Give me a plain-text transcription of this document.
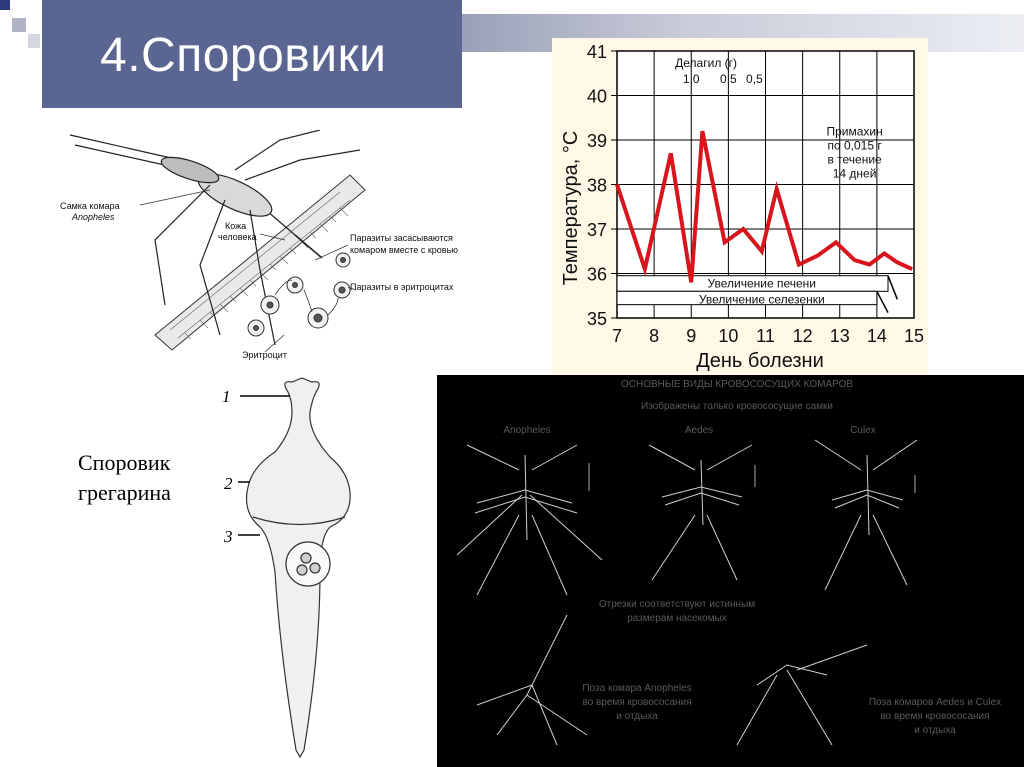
4.Споровики
Самка комара
Anopheles
Кожа
человека	Паразиты засасываются
комаром вместе с кровью
Паразиты в эритроцитах
Эритроцит
Споровик
грегарина
1
2
3
7 8 9 10 11 12 13 14 15
35
36
37
38
39
40
41
Делагил (г)
1,0 0,5 0,5
Примахин
по 0,015 г
в течение
14 дней
Увеличение печени
Увеличение селезенки
День болезни
Температура, °С
ОСНОВНЫЕ ВИДЫ КРОВОСОСУЩИХ КОМАРОВ
Изображены только кровососущие самки
Anopheles	Aedes	Culex
Отрезки соответствуют истинным
размерам насекомых
Поза комара Anopheles
во время кровососания
и отдыха
Поза комаров Aedes и Culex
во время кровососания
и отдыха
